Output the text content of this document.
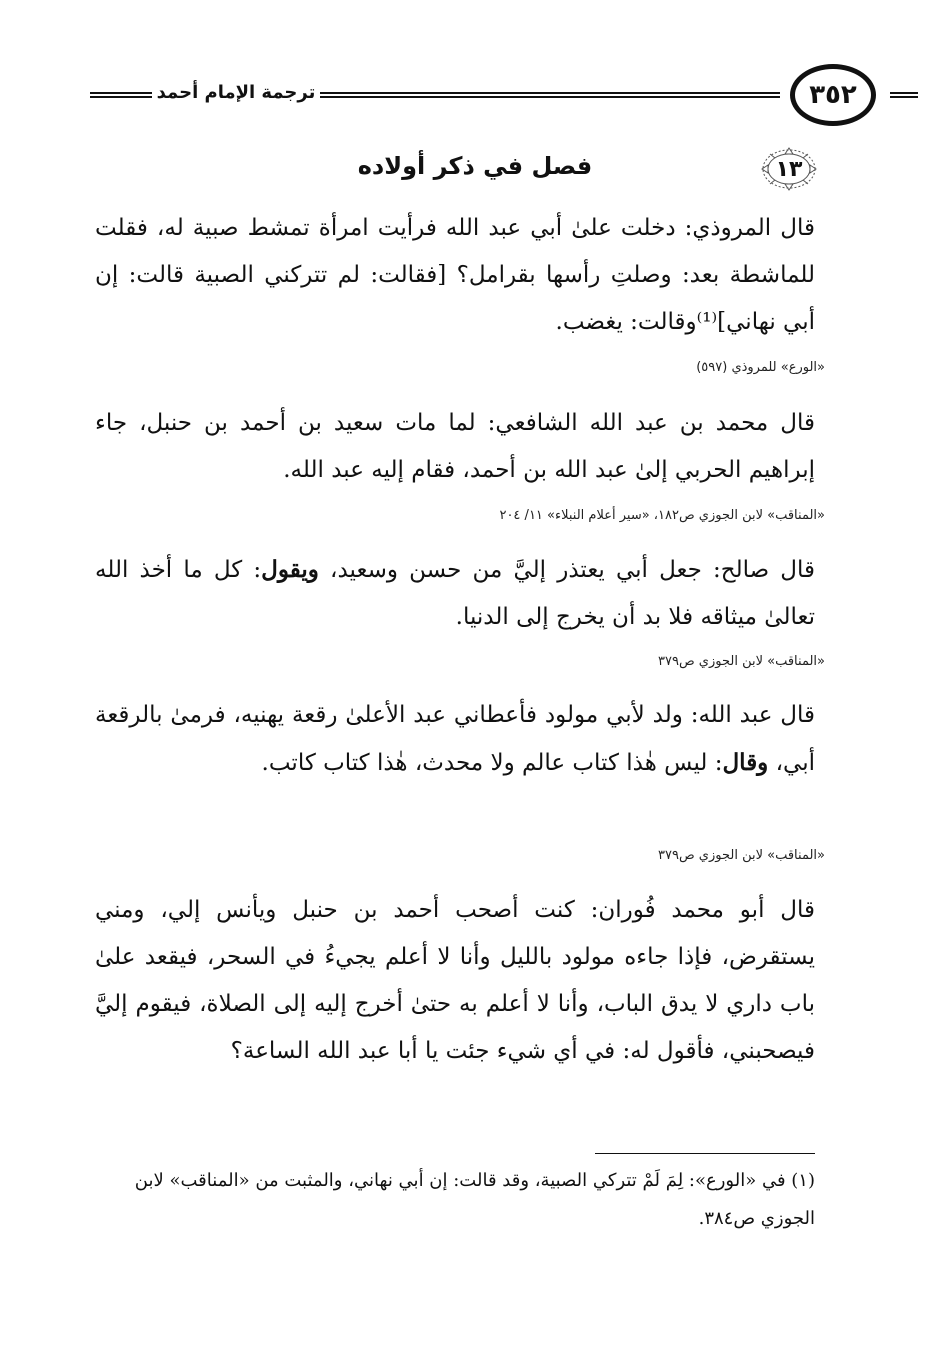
ترجمة الإمام أحمد	٣٥٢
١٣
فصل في ذكر أولاده
قال المروذي: دخلت علىٰ أبي عبد الله فرأيت امرأة تمشط صبية له، فقلت للماشطة بعد: وصلتِ رأسها بقرامل؟ [فقالت: لم تتركني الصبية قالت: إن أبي نهاني]⁽¹⁾وقالت: يغضب.
«الورع» للمروذي (٥٩٧)
قال محمد بن عبد الله الشافعي: لما مات سعيد بن أحمد بن حنبل، جاء إبراهيم الحربي إلىٰ عبد الله بن أحمد، فقام إليه عبد الله.
«المناقب» لابن الجوزي ص١٨٢، «سير أعلام النبلاء» ١١/ ٢٠٤
قال صالح: جعل أبي يعتذر إليَّ من حسن وسعيد، ويقول: كل ما أخذ الله تعالىٰ ميثاقه فلا بد أن يخرج إلى الدنيا.
«المناقب» لابن الجوزي ص٣٧٩
قال عبد الله: ولد لأبي مولود فأعطاني عبد الأعلىٰ رقعة يهنيه، فرمىٰ بالرقعة أبي، وقال: ليس هٰذا كتاب عالم ولا محدث، هٰذا كتاب كاتب.
«المناقب» لابن الجوزي ص٣٧٩
قال أبو محمد فُوران: كنت أصحب أحمد بن حنبل ويأنس إلي، ومني يستقرض، فإذا جاءه مولود بالليل وأنا لا أعلم يجيءُ في السحر، فيقعد علىٰ باب داري لا يدق الباب، وأنا لا أعلم به حتىٰ أخرج إليه إلى الصلاة، فيقوم إليَّ فيصحبني، فأقول له: في أي شيء جئت يا أبا عبد الله الساعة؟
(١) في «الورع»: لِمَ لَمْ تتركي الصبية، وقد قالت: إن أبي نهاني، والمثبت من «المناقب» لابن الجوزي ص٣٨٤.
